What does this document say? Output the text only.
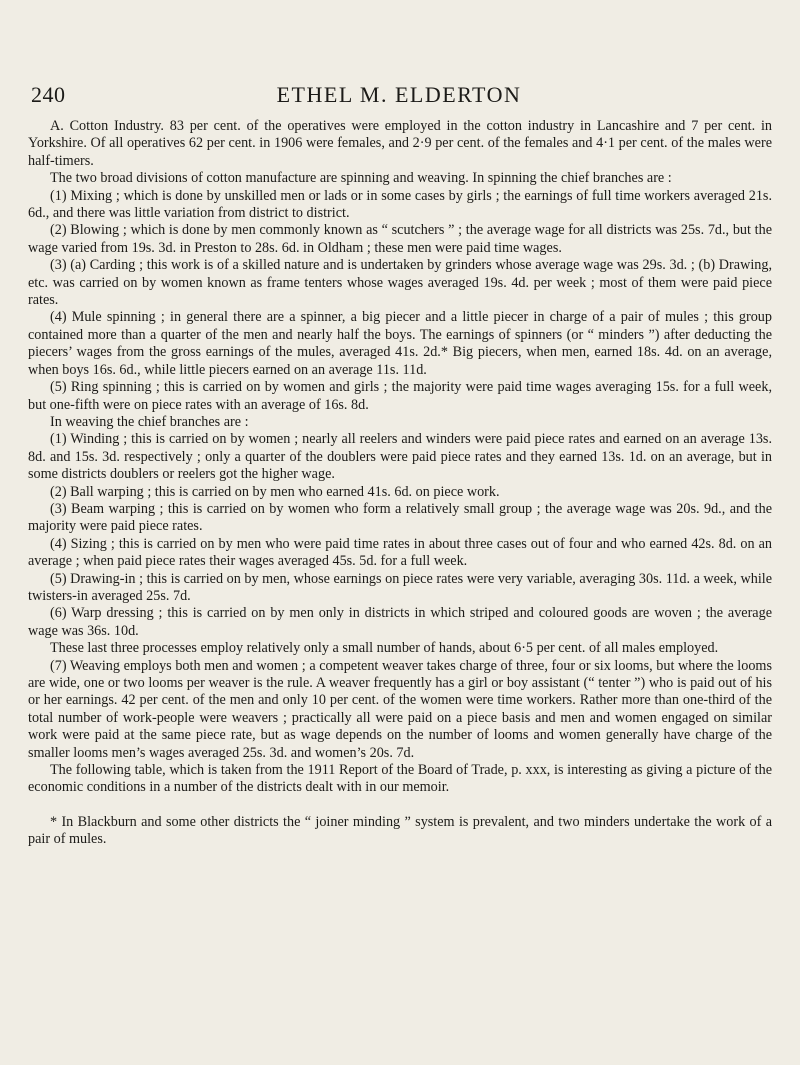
240	ETHEL M. ELDERTON

A. Cotton Industry. 83 per cent. of the operatives were employed in the cotton industry in Lancashire and 7 per cent. in Yorkshire. Of all operatives 62 per cent. in 1906 were females, and 2·9 per cent. of the females and 4·1 per cent. of the males were half-timers.

The two broad divisions of cotton manufacture are spinning and weaving. In spinning the chief branches are :

(1) Mixing ; which is done by unskilled men or lads or in some cases by girls ; the earnings of full time workers averaged 21s. 6d., and there was little variation from district to district.

(2) Blowing ; which is done by men commonly known as “ scutchers ” ; the average wage for all districts was 25s. 7d., but the wage varied from 19s. 3d. in Preston to 28s. 6d. in Oldham ; these men were paid time wages.

(3) (a) Carding ; this work is of a skilled nature and is undertaken by grinders whose average wage was 29s. 3d. ; (b) Drawing, etc. was carried on by women known as frame tenters whose wages averaged 19s. 4d. per week ; most of them were paid piece rates.

(4) Mule spinning ; in general there are a spinner, a big piecer and a little piecer in charge of a pair of mules ; this group contained more than a quarter of the men and nearly half the boys. The earnings of spinners (or “ minders ”) after deducting the piecers’ wages from the gross earnings of the mules, averaged 41s. 2d.* Big piecers, when men, earned 18s. 4d. on an average, when boys 16s. 6d., while little piecers earned on an average 11s. 11d.

(5) Ring spinning ; this is carried on by women and girls ; the majority were paid time wages averaging 15s. for a full week, but one-fifth were on piece rates with an average of 16s. 8d.

In weaving the chief branches are :

(1) Winding ; this is carried on by women ; nearly all reelers and winders were paid piece rates and earned on an average 13s. 8d. and 15s. 3d. respectively ; only a quarter of the doublers were paid piece rates and they earned 13s. 1d. on an average, but in some districts doublers or reelers got the higher wage.

(2) Ball warping ; this is carried on by men who earned 41s. 6d. on piece work.

(3) Beam warping ; this is carried on by women who form a relatively small group ; the average wage was 20s. 9d., and the majority were paid piece rates.

(4) Sizing ; this is carried on by men who were paid time rates in about three cases out of four and who earned 42s. 8d. on an average ; when paid piece rates their wages averaged 45s. 5d. for a full week.

(5) Drawing-in ; this is carried on by men, whose earnings on piece rates were very variable, averaging 30s. 11d. a week, while twisters-in averaged 25s. 7d.

(6) Warp dressing ; this is carried on by men only in districts in which striped and coloured goods are woven ; the average wage was 36s. 10d.

These last three processes employ relatively only a small number of hands, about 6·5 per cent. of all males employed.

(7) Weaving employs both men and women ; a competent weaver takes charge of three, four or six looms, but where the looms are wide, one or two looms per weaver is the rule. A weaver frequently has a girl or boy assistant (“ tenter ”) who is paid out of his or her earnings. 42 per cent. of the men and only 10 per cent. of the women were time workers. Rather more than one-third of the total number of work-people were weavers ; practically all were paid on a piece basis and men and women engaged on similar work were paid at the same piece rate, but as wage depends on the number of looms and women generally have charge of the smaller looms men’s wages averaged 25s. 3d. and women’s 20s. 7d.

The following table, which is taken from the 1911 Report of the Board of Trade, p. xxx, is interesting as giving a picture of the economic conditions in a number of the districts dealt with in our memoir.

* In Blackburn and some other districts the “ joiner minding ” system is prevalent, and two minders undertake the work of a pair of mules.
